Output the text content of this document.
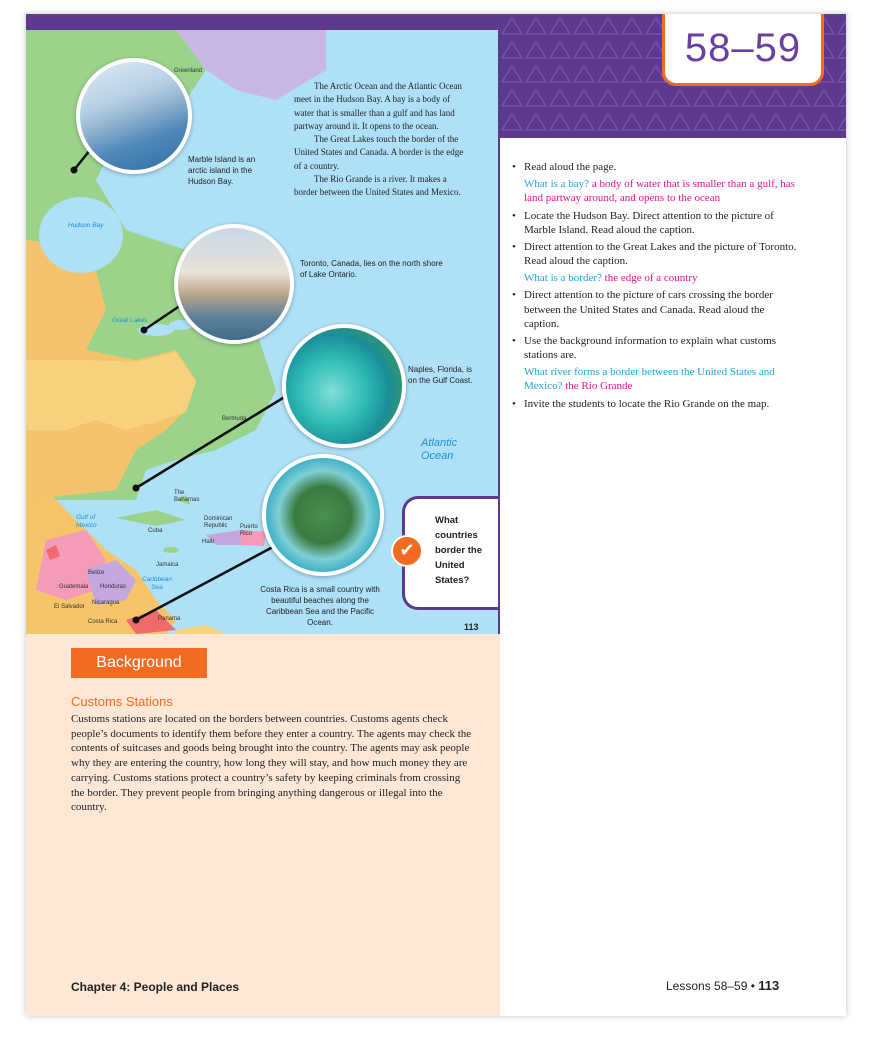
Greenland
Hudson Bay
Great Lakes
Bermuda
Atlantic
Ocean
Gulf of
Mexico
The
Bahamas
Cuba
Dominican
Republic
Haiti
Puerto
Rico
Jamaica
Caribbean
Sea
Belize
Guatemala Honduras
El Salvador
Nicaragua
Costa Rica	Panama
Marble Island is an arctic island in the Hudson Bay.
Toronto, Canada, lies on the north shore of Lake Ontario.
Naples, Florida, is on the Gulf Coast.
Costa Rica is a small country with beautiful beaches along the Caribbean Sea and the Pacific Ocean.

The Arctic Ocean and the Atlantic Ocean meet in the Hudson Bay. A bay is a body of water that is smaller than a gulf and has land partway around it. It opens to the ocean.

The Great Lakes touch the border of the United States and Canada. A border is the edge of a country.

The Rio Grande is a river. It makes a border between the United States and Mexico.

✔
What countries border the United States?
113
Background
Customs Stations
Customs stations are located on the borders between countries. Customs agents check people’s documents to identify them before they enter a country. The agents may check the contents of suitcases and goods being brought into the country. The agents may ask people why they are entering the country, how long they will stay, and how much money they are carrying. Customs stations protect a country’s safety by keeping criminals from crossing the border. They prevent people from bringing anything dangerous or illegal into the country.
Chapter 4: People and Places
58–59
• Read aloud the page.
What is a bay? a body of water that is smaller than a gulf, has land partway around, and opens to the ocean
• Locate the Hudson Bay. Direct attention to the picture of Marble Island. Read aloud the caption.
• Direct attention to the Great Lakes and the picture of Toronto. Read aloud the caption.
What is a border? the edge of a country
• Direct attention to the picture of cars crossing the border between the United States and Canada. Read aloud the caption.
• Use the background information to explain what customs stations are.
What river forms a border between the United States and Mexico? the Rio Grande
• Invite the students to locate the Rio Grande on the map.
Lessons 58–59 • 113
